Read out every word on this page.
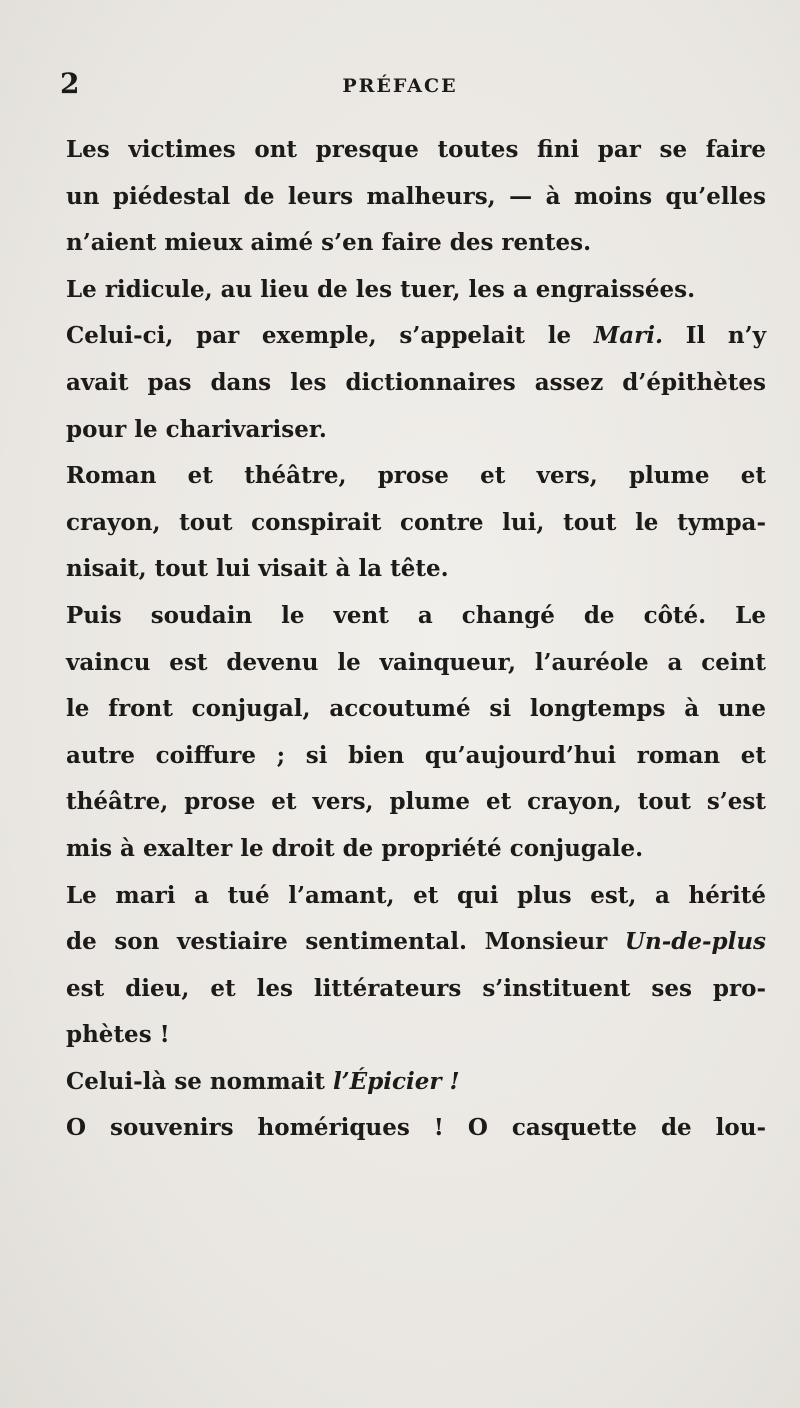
2	PRÉFACE
Les victimes ont presque toutes fini par se faire
un piédestal de leurs malheurs, — à moins qu’elles
n’aient mieux aimé s’en faire des rentes.
Le ridicule, au lieu de les tuer, les a engraissées.
Celui-ci, par exemple, s’appelait le Mari. Il n’y
avait pas dans les dictionnaires assez d’épithètes
pour le charivariser.
Roman et théâtre, prose et vers, plume et
crayon, tout conspirait contre lui, tout le tympa-
nisait, tout lui visait à la tête.
Puis soudain le vent a changé de côté. Le
vaincu est devenu le vainqueur, l’auréole a ceint
le front conjugal, accoutumé si longtemps à une
autre coiffure ; si bien qu’aujourd’hui roman et
théâtre, prose et vers, plume et crayon, tout s’est
mis à exalter le droit de propriété conjugale.
Le mari a tué l’amant, et qui plus est, a hérité
de son vestiaire sentimental. Monsieur Un-de-plus
est dieu, et les littérateurs s’instituent ses pro-
phètes !
Celui-là se nommait l’Épicier !
O souvenirs homériques ! O casquette de lou-
